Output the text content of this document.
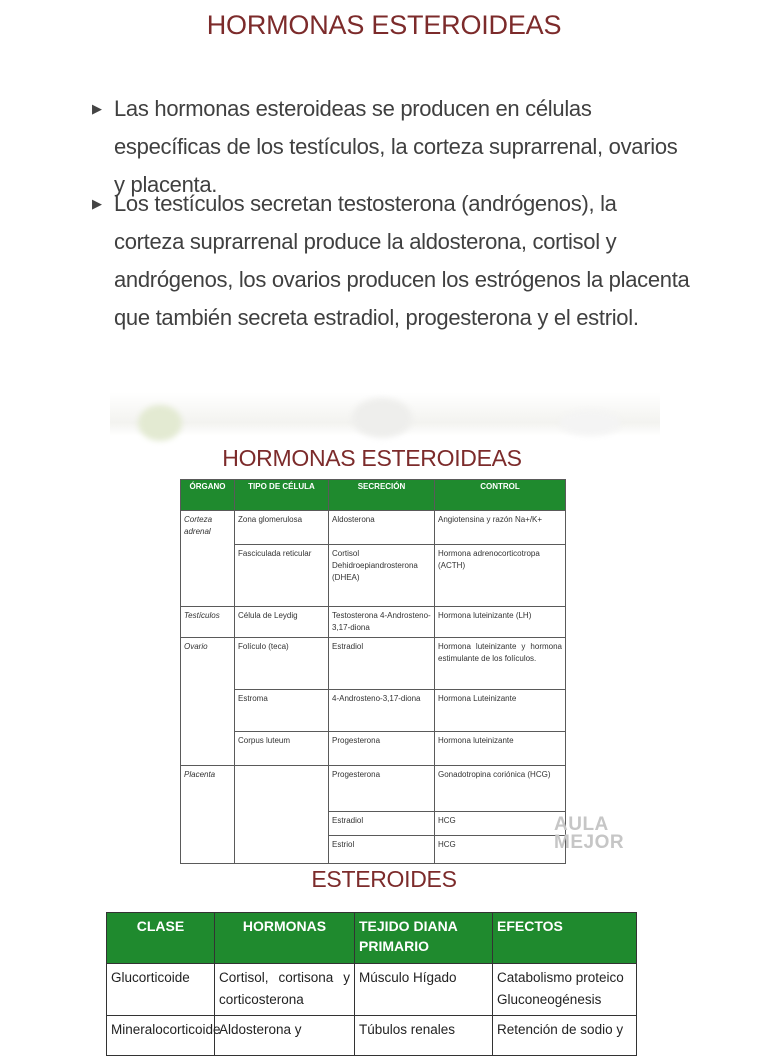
HORMONAS ESTEROIDEAS
▶ Las hormonas esteroideas se producen en células específicas de los testículos, la corteza suprarrenal, ovarios y placenta.
▶ Los testículos secretan testosterona (andrógenos), la corteza suprarrenal produce la aldosterona, cortisol y andrógenos, los ovarios producen los estrógenos la placenta que también secreta estradiol, progesterona y el estriol.
HORMONAS ESTEROIDEAS
ÓRGANO	TIPO DE CÉLULA	SECRECIÓN	CONTROL
Corteza adrenal	Zona glomerulosa	Aldosterona	Angiotensina y razón Na+/K+
	Fasciculada reticular	Cortisol Dehidroepiandrosterona (DHEA)	Hormona adrenocorticotropa (ACTH)
Testículos	Célula de Leydig	Testosterona 4-Androsteno-3,17-diona	Hormona luteinizante (LH)
Ovario	Folículo (teca)	Estradiol	Hormona luteinizante y hormona estimulante de los folículos.
	Estroma	4-Androsteno-3,17-diona	Hormona Luteinizante
	Corpus luteum	Progesterona	Hormona luteinizante
Placenta		Progesterona	Gonadotropina coriónica (HCG)
		Estradiol	HCG
		Estriol	HCG
AULA
MEJOR
ESTEROIDES
CLASE	HORMONAS	TEJIDO DIANA PRIMARIO	EFECTOS
Glucorticoide	Cortisol, cortisona y corticosterona	Músculo Hígado	Catabolismo proteico Gluconeogénesis
Mineralocorticoide	Aldosterona y	Túbulos renales	Retención de sodio y
